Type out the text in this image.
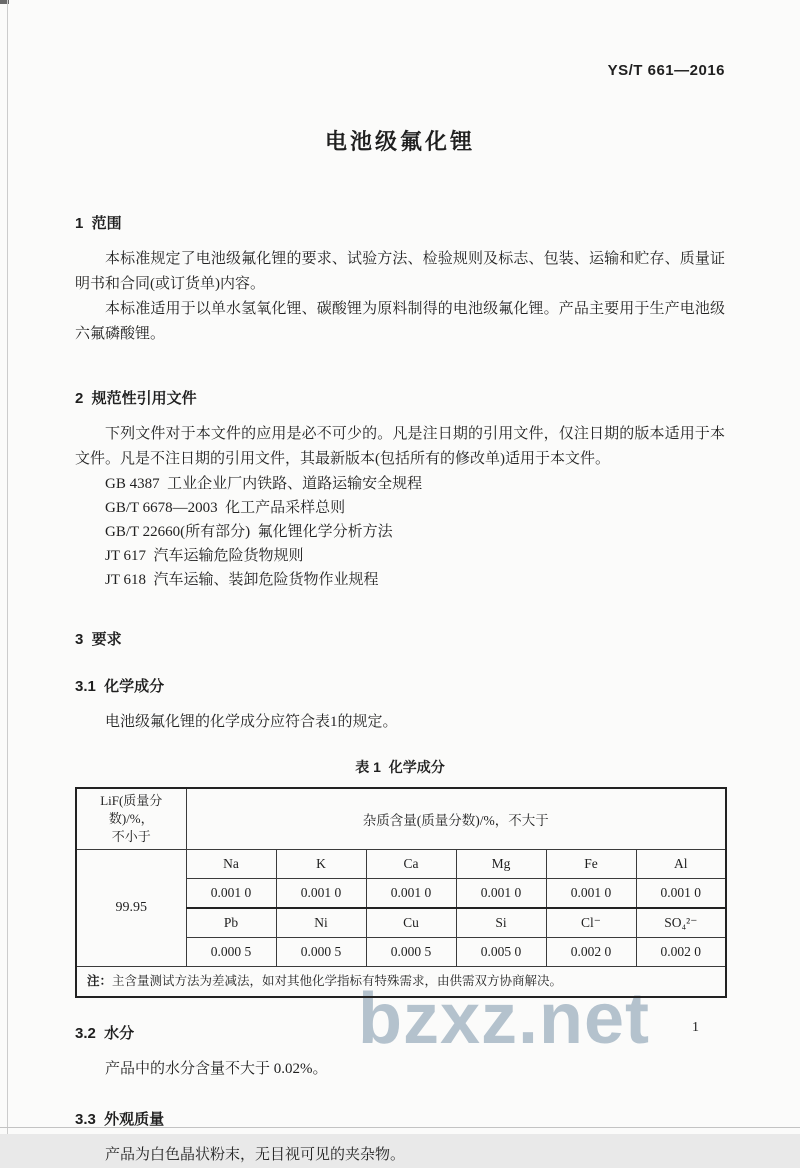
bzxz.net
YS/T 661—2016
电池级氟化锂
1  范围

本标准规定了电池级氟化锂的要求、试验方法、检验规则及标志、包装、运输和贮存、质量证明书和合同(或订货单)内容。

本标准适用于以单水氢氧化锂、碳酸锂为原料制得的电池级氟化锂。产品主要用于生产电池级六氟磷酸锂。

2  规范性引用文件

下列文件对于本文件的应用是必不可少的。凡是注日期的引用文件，仅注日期的版本适用于本文件。凡是不注日期的引用文件，其最新版本(包括所有的修改单)适用于本文件。

GB 4387  工业企业厂内铁路、道路运输安全规程

GB/T 6678—2003  化工产品采样总则

GB/T 22660(所有部分)  氟化锂化学分析方法

JT 617  汽车运输危险货物规则

JT 618  汽车运输、装卸危险货物作业规程

3  要求
3.1  化学成分

电池级氟化锂的化学成分应符合表1的规定。

表 1  化学成分
LiF(质量分数)/%，
不小于	杂质含量(质量分数)/%，不大于					
99.95	Na	K	Ca	Mg	Fe	Al
	0.001 0	0.001 0	0.001 0	0.001 0	0.001 0	0.001 0
	Pb	Ni	Cu	Si	Cl⁻	SO₄²⁻
	0.000 5	0.000 5	0.000 5	0.005 0	0.002 0	0.002 0
注：主含量测试方法为差减法，如对其他化学指标有特殊需求，由供需双方协商解决。						
3.2  水分

产品中的水分含量不大于 0.02%。

3.3  外观质量

产品为白色晶状粉末，无目视可见的夹杂物。

1
